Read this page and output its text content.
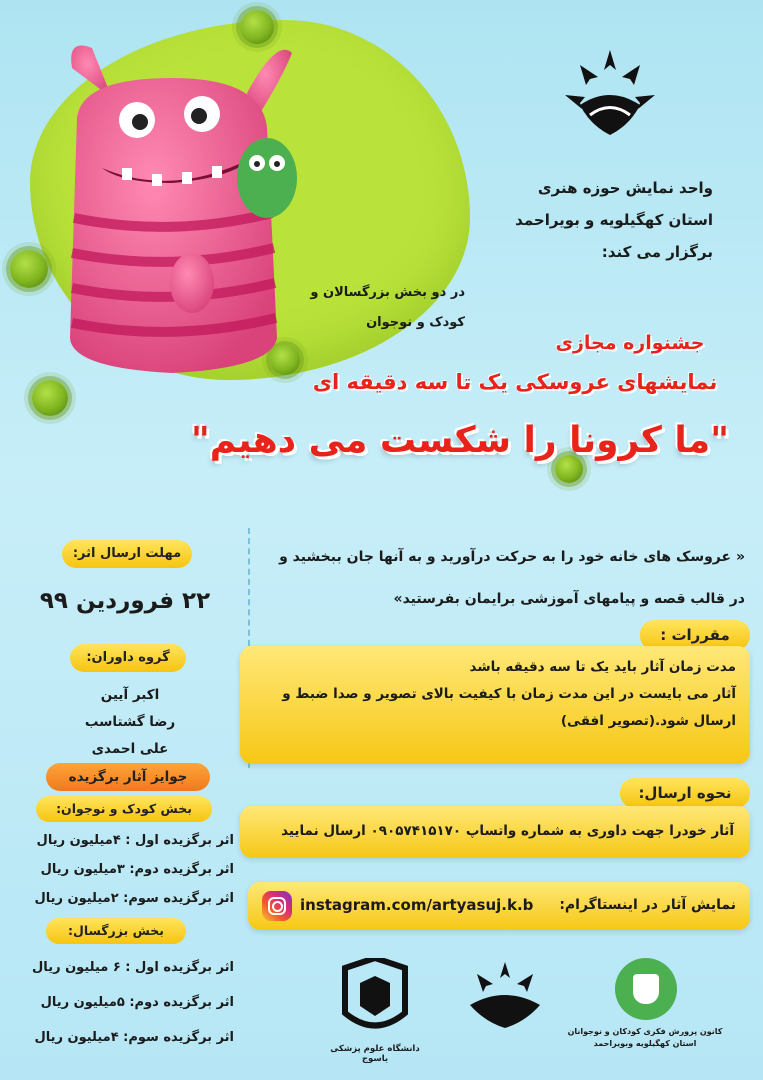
واحد نمایش حوزه هنری
استان کهگیلویه و بویراحمد
برگزار می کند:
در دو بخش بزرگسالان و
کودک و نوجوان
جشنواره مجازی
نمایشهای عروسکی یک تا سه دقیقه ای
"ما کرونا را شکست می دهیم"
« عروسک های خانه خود را به حرکت درآورید و به آنها جان ببخشید و
در قالب قصه و پیامهای آموزشی برایمان بفرستید»
مقررات :
مدت زمان آثار باید یک تا سه دقیقه باشد
آثار می بایست در این مدت زمان با کیفیت بالای تصویر و صدا ضبط و
ارسال شود.(تصویر افقی)
نحوه ارسال:
آثار خودرا جهت داوری به شماره واتساپ ۰۹۰۵۷۴۱۵۱۷۰ ارسال نمایید
instagram.com/artyasuj.k.b نمایش آثار در اینستاگرام:
مهلت ارسال اثر:
۲۲ فروردین ۹۹
گروه داوران:
اکبر آیین
رضا گشتاسب
علی احمدی
جوایز آثار برگزیده
بخش کودک و نوجوان:
اثر برگزیده اول : ۴میلیون ریال
اثر برگزیده دوم: ۳میلیون ریال
اثر برگزیده سوم: ۲میلیون ریال
بخش بزرگسال:
اثر برگزیده اول : ۶ میلیون ریال
اثر برگزیده دوم: ۵میلیون ریال
اثر برگزیده سوم: ۴میلیون ریال
دانشگاه علوم پزشکی یاسوج
کانون پرورش فکری کودکان و نوجوانان
استان کهگیلویه وبویراحمد
